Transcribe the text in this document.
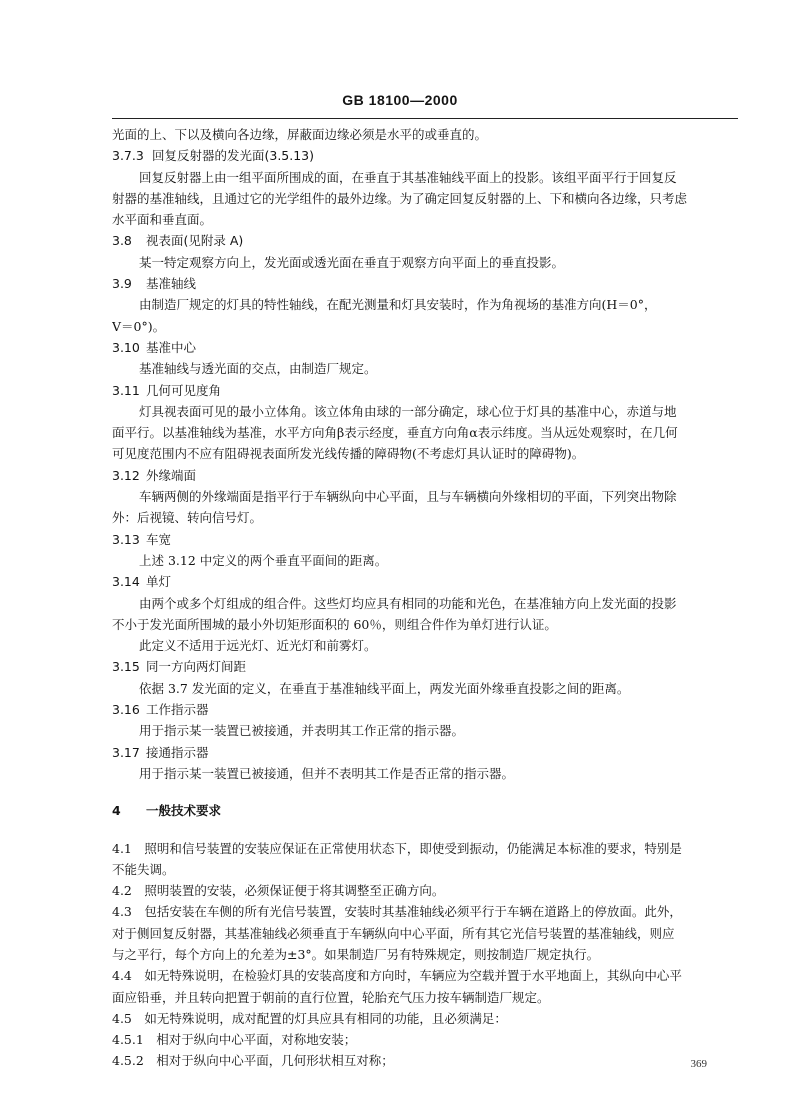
GB 18100—2000
光面的上、下以及横向各边缘，屏蔽面边缘必须是水平的或垂直的。
3.7.3 回复反射器的发光面(3.5.13)
回复反射器上由一组平面所围成的面，在垂直于其基准轴线平面上的投影。该组平面平行于回复反
射器的基准轴线，且通过它的光学组件的最外边缘。为了确定回复反射器的上、下和横向各边缘，只考虑
水平面和垂直面。
3.8 视表面(见附录 A)
某一特定观察方向上，发光面或透光面在垂直于观察方向平面上的垂直投影。
3.9 基准轴线
由制造厂规定的灯具的特性轴线，在配光测量和灯具安装时，作为角视场的基准方向(H＝0°，
V＝0°)。
3.10 基准中心
基准轴线与透光面的交点，由制造厂规定。
3.11 几何可见度角
灯具视表面可见的最小立体角。该立体角由球的一部分确定，球心位于灯具的基准中心，赤道与地
面平行。以基准轴线为基准，水平方向角β表示经度，垂直方向角α表示纬度。当从远处观察时，在几何
可见度范围内不应有阻碍视表面所发光线传播的障碍物(不考虑灯具认证时的障碍物)。
3.12 外缘端面
车辆两侧的外缘端面是指平行于车辆纵向中心平面，且与车辆横向外缘相切的平面，下列突出物除
外：后视镜、转向信号灯。
3.13 车宽
上述 3.12 中定义的两个垂直平面间的距离。
3.14 单灯
由两个或多个灯组成的组合件。这些灯均应具有相同的功能和光色，在基准轴方向上发光面的投影
不小于发光面所围城的最小外切矩形面积的 60％，则组合件作为单灯进行认证。
此定义不适用于远光灯、近光灯和前雾灯。
3.15 同一方向两灯间距
依据 3.7 发光面的定义，在垂直于基准轴线平面上，两发光面外缘垂直投影之间的距离。
3.16 工作指示器
用于指示某一装置已被接通，并表明其工作正常的指示器。
3.17 接通指示器
用于指示某一装置已被接通，但并不表明其工作是否正常的指示器。
4 一般技术要求
4.1　照明和信号装置的安装应保证在正常使用状态下，即使受到振动，仍能满足本标准的要求，特别是
不能失调。
4.2　照明装置的安装，必须保证便于将其调整至正确方向。
4.3　包括安装在车侧的所有光信号装置，安装时其基准轴线必须平行于车辆在道路上的停放面。此外，
对于侧回复反射器，其基准轴线必须垂直于车辆纵向中心平面，所有其它光信号装置的基准轴线，则应
与之平行，每个方向上的允差为±3°。如果制造厂另有特殊规定，则按制造厂规定执行。
4.4　如无特殊说明，在检验灯具的安装高度和方向时，车辆应为空载并置于水平地面上，其纵向中心平
面应铅垂，并且转向把置于朝前的直行位置，轮胎充气压力按车辆制造厂规定。
4.5　如无特殊说明，成对配置的灯具应具有相同的功能，且必须满足：
4.5.1　相对于纵向中心平面，对称地安装；
4.5.2　相对于纵向中心平面，几何形状相互对称；	369
